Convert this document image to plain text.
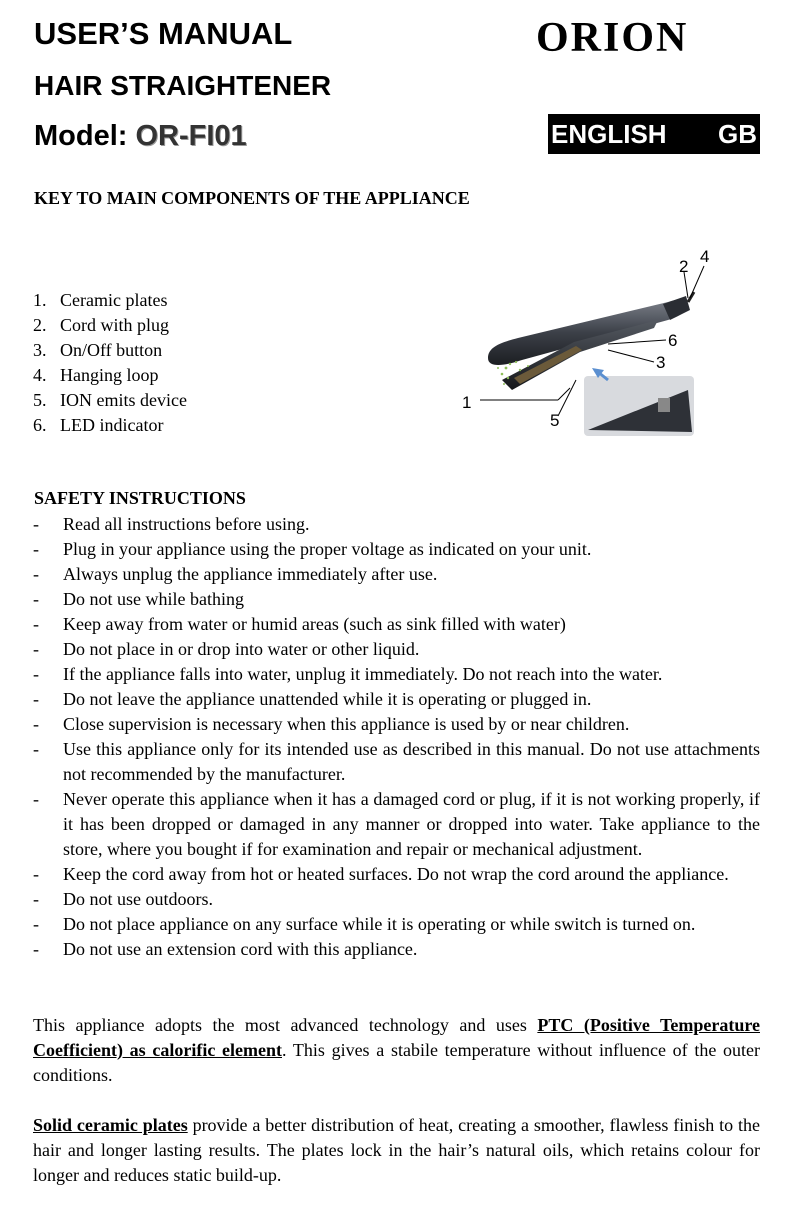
USER’S MANUAL
HAIR STRAIGHTENER
Model: OR-FI01
ORION
ENGLISH GB
KEY TO MAIN COMPONENTS OF THE APPLIANCE
1. Ceramic plates
2. Cord with plug
3. On/Off button
4. Hanging loop
5. ION emits device
6. LED indicator
1
2
3
4
5
6
SAFETY INSTRUCTIONS
- Read all instructions before using.
- Plug in your appliance using the proper voltage as indicated on your unit.
- Always unplug the appliance immediately after use.
- Do not use while bathing
- Keep away from water or humid areas (such as sink filled with water)
- Do not place in or drop into water or other liquid.
- If the appliance falls into water, unplug it immediately. Do not reach into the water.
- Do not leave the appliance unattended while it is operating or plugged in.
- Close supervision is necessary when this appliance is used by or near children.
- Use this appliance only for its intended use as described in this manual. Do not use attachments not recommended by the manufacturer.
- Never operate this appliance when it has a damaged cord or plug, if it is not working properly, if it has been dropped or damaged in any manner or dropped into water. Take appliance to the store, where you bought if for examination and repair or mechanical adjustment.
- Keep the cord away from hot or heated surfaces. Do not wrap the cord around the appliance.
- Do not use outdoors.
- Do not place appliance on any surface while it is operating or while switch is turned on.
- Do not use an extension cord with this appliance.
This appliance adopts the most advanced technology and uses PTC (Positive Temperature Coefficient) as calorific element. This gives a stabile temperature without influence of the outer conditions.
Solid ceramic plates provide a better distribution of heat, creating a smoother, flawless finish to the hair and longer lasting results. The plates lock in the hair’s natural oils, which retains colour for longer and reduces static build-up.
